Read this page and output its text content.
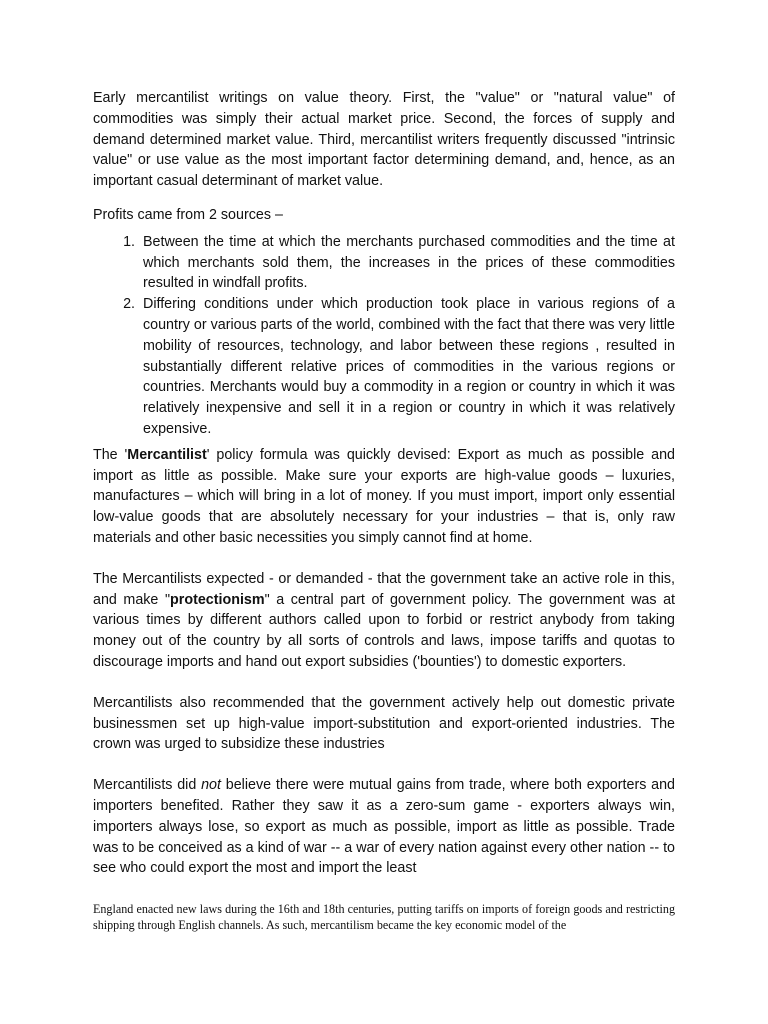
Early mercantilist writings on value theory. First, the "value" or "natural value" of commodities was simply their actual market price. Second, the forces of supply and demand determined market value. Third, mercantilist writers frequently discussed "intrinsic value" or use value as the most important factor determining demand, and, hence, as an important casual determinant of market value.

Profits came from 2 sources –

1. Between the time at which the merchants purchased commodities and the time at which merchants sold them, the increases in the prices of these commodities resulted in windfall profits.
2. Differing conditions under which production took place in various regions of a country or various parts of the world, combined with the fact that there was very little mobility of resources, technology, and labor between these regions , resulted in substantially different relative prices of commodities in the various regions or countries. Merchants would buy a commodity in a region or country in which it was relatively inexpensive and sell it in a region or country in which it was relatively expensive.

The 'Mercantilist' policy formula was quickly devised: Export as much as possible and import as little as possible. Make sure your exports are high-value goods – luxuries, manufactures – which will bring in a lot of money. If you must import, import only essential low-value goods that are absolutely necessary for your industries – that is, only raw materials and other basic necessities you simply cannot find at home.

The Mercantilists expected - or demanded - that the government take an active role in this, and make "protectionism" a central part of government policy. The government was at various times by different authors called upon to forbid or restrict anybody from taking money out of the country by all sorts of controls and laws, impose tariffs and quotas to discourage imports and hand out export subsidies ('bounties') to domestic exporters.

Mercantilists also recommended that the government actively help out domestic private businessmen set up high-value import-substitution and export-oriented industries. The crown was urged to subsidize these industries

Mercantilists did not believe there were mutual gains from trade, where both exporters and importers benefited. Rather they saw it as a zero-sum game - exporters always win, importers always lose, so export as much as possible, import as little as possible. Trade was to be conceived as a kind of war -- a war of every nation against every other nation -- to see who could export the most and import the least

England enacted new laws during the 16th and 18th centuries, putting tariffs on imports of foreign goods and restricting shipping through English channels. As such, mercantilism became the key economic model of the
